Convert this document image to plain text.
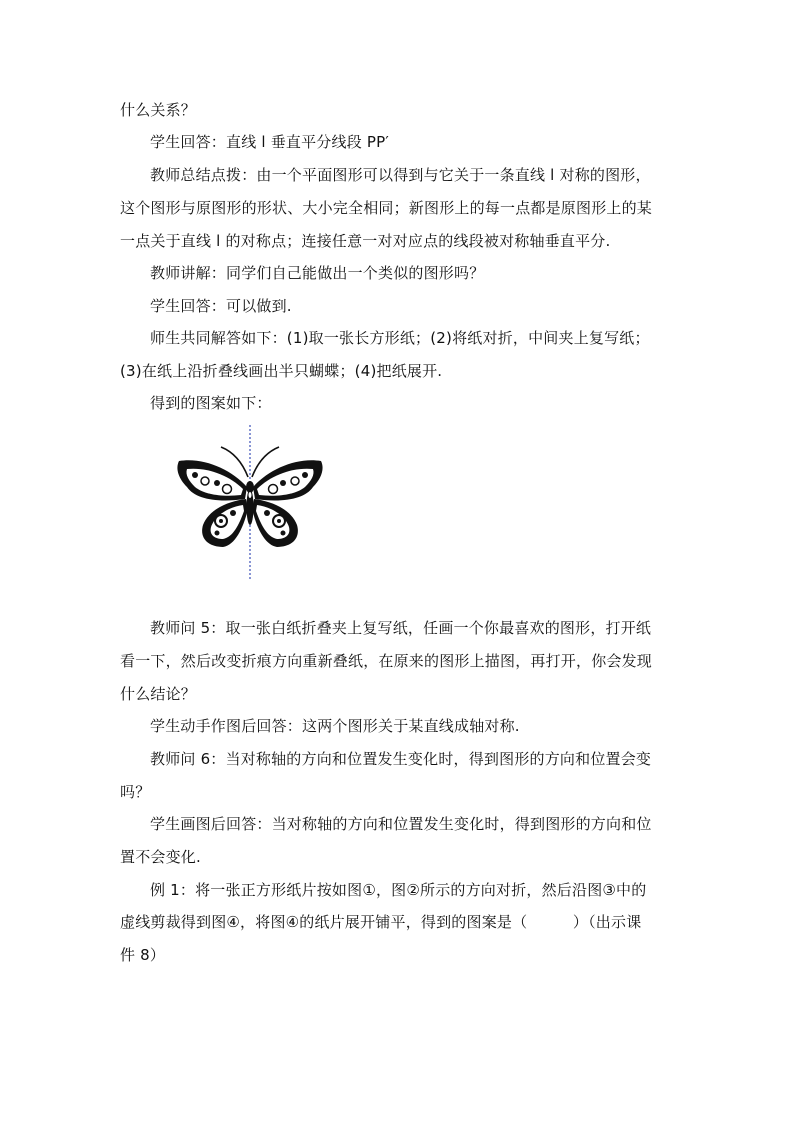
什么关系？
学生回答：直线 l 垂直平分线段 PP′
教师总结点拨：由一个平面图形可以得到与它关于一条直线 l 对称的图形，
这个图形与原图形的形状、大小完全相同；新图形上的每一点都是原图形上的某
一点关于直线 l 的对称点；连接任意一对对应点的线段被对称轴垂直平分.
教师讲解：同学们自己能做出一个类似的图形吗？
学生回答：可以做到.
师生共同解答如下：(1)取一张长方形纸；(2)将纸对折，中间夹上复写纸；
(3)在纸上沿折叠线画出半只蝴蝶；(4)把纸展开.
得到的图案如下：
教师问 5：取一张白纸折叠夹上复写纸，任画一个你最喜欢的图形，打开纸
看一下，然后改变折痕方向重新叠纸，在原来的图形上描图，再打开，你会发现
什么结论？
学生动手作图后回答：这两个图形关于某直线成轴对称.
教师问 6：当对称轴的方向和位置发生变化时，得到图形的方向和位置会变
吗？
学生画图后回答：当对称轴的方向和位置发生变化时，得到图形的方向和位
置不会变化.
例 1：将一张正方形纸片按如图①，图②所示的方向对折，然后沿图③中的
虚线剪裁得到图④，将图④的纸片展开铺平，得到的图案是（　　　）（出示课
件 8）
